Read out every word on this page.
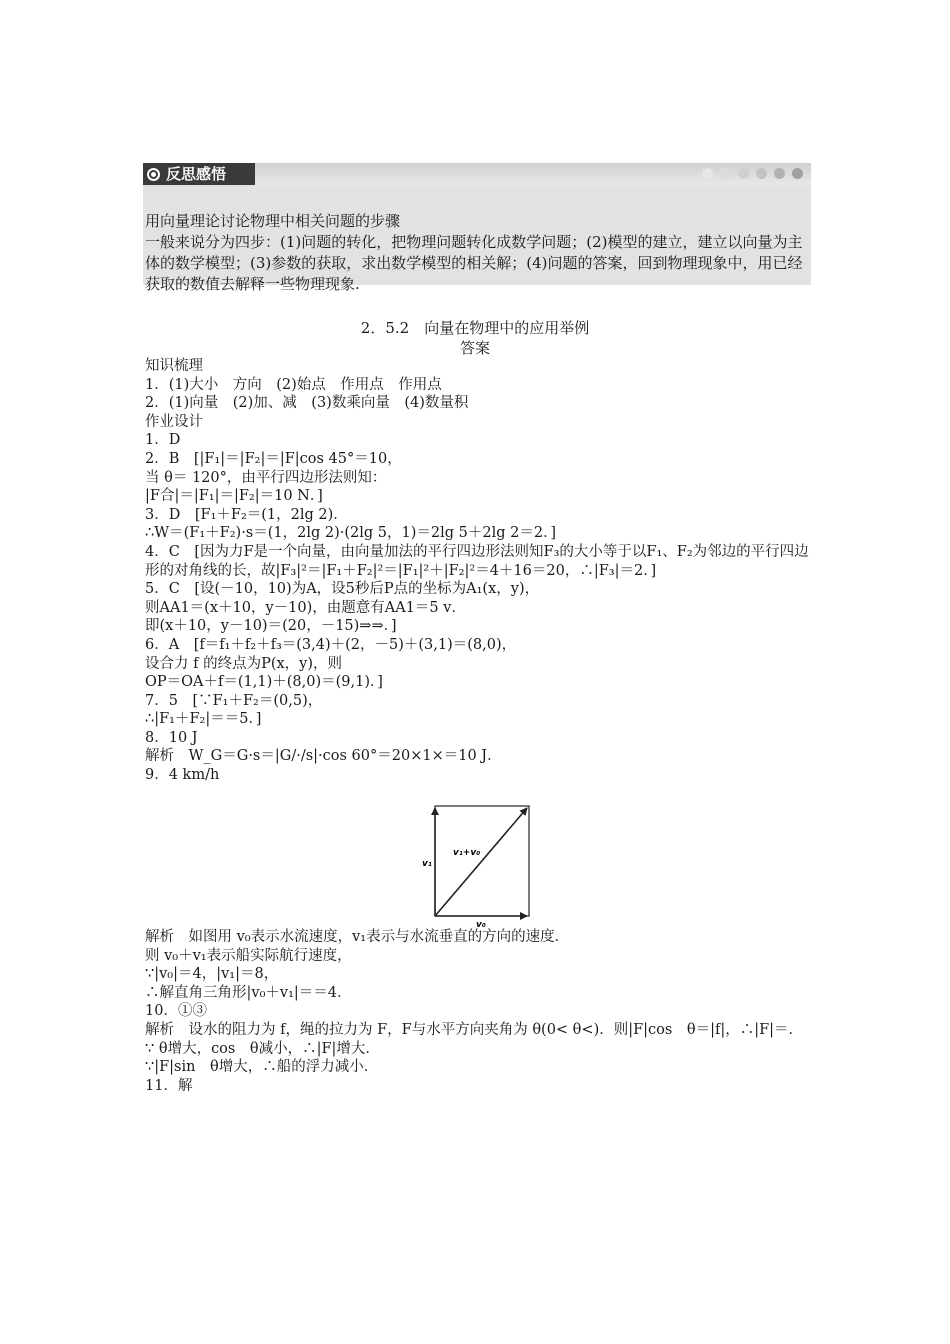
反思感悟

用向量理论讨论物理中相关问题的步骤

一般来说分为四步：(1)问题的转化，把物理问题转化成数学问题；(2)模型的建立，建立以向量为主体的数学模型；(3)参数的获取，求出数学模型的相关解；(4)问题的答案，回到物理现象中，用已经获取的数值去解释一些物理现象.

2．5.2　向量在物理中的应用举例
答案
知识梳理
1．(1)大小　方向　(2)始点　作用点　作用点
2．(1)向量　(2)加、减　(3)数乘向量　(4)数量积
作业设计
1．D
2．B　[|F₁|＝|F₂|＝|F|cos 45°＝10，
当 θ＝ 120°，由平行四边形法则知：
|F合|＝|F₁|＝|F₂|＝10 N．]
3．D　[F₁＋F₂＝(1，2lg 2)．
∴W＝(F₁＋F₂)·s＝(1，2lg 2)·(2lg 5，1)＝2lg 5＋2lg 2＝2．]
4．C　[因为力F是一个向量，由向量加法的平行四边形法则知F₃的大小等于以F₁、F₂为邻边的平行四边形的对角线的长，故|F₃|²＝|F₁＋F₂|²＝|F₁|²＋|F₂|²＝4＋16＝20，∴|F₃|＝2．]
5．C　[设(－10，10)为A，设5秒后P点的坐标为A₁(x，y)，
则AA1＝(x＋10，y－10)，由题意有AA1＝5 v．
即(x＋10，y－10)＝(20，－15)⇒⇒．]
6．A　[f＝f₁＋f₂＋f₃＝(3,4)＋(2，－5)＋(3,1)＝(8,0)，
设合力 f 的终点为P(x，y)，则
OP＝OA＋f＝(1,1)＋(8,0)＝(9,1)．]
7．5　[∵F₁＋F₂＝(0,5)，
∴|F₁＋F₂|＝＝5．]
8．10 J
解析　W_G＝G·s＝|G/·/s|·cos 60°＝20×1×＝10 J．
9．4 km/h
v₁+v₀
v₁
v₀
解析　如图用 v₀表示水流速度，v₁表示与水流垂直的方向的速度．
则 v₀＋v₁表示船实际航行速度，
∵|v₀|＝4，|v₁|＝8，
∴解直角三角形|v₀＋v₁|＝＝4．
10．①③
解析　设水的阻力为 f，绳的拉力为 F，F与水平方向夹角为 θ(0< θ<)．则|F|cos　θ＝|f|，∴|F|＝．
∵ θ增大，cos　θ减小，∴|F|增大．
∵|F|sin　θ增大，∴船的浮力减小．
11．解
